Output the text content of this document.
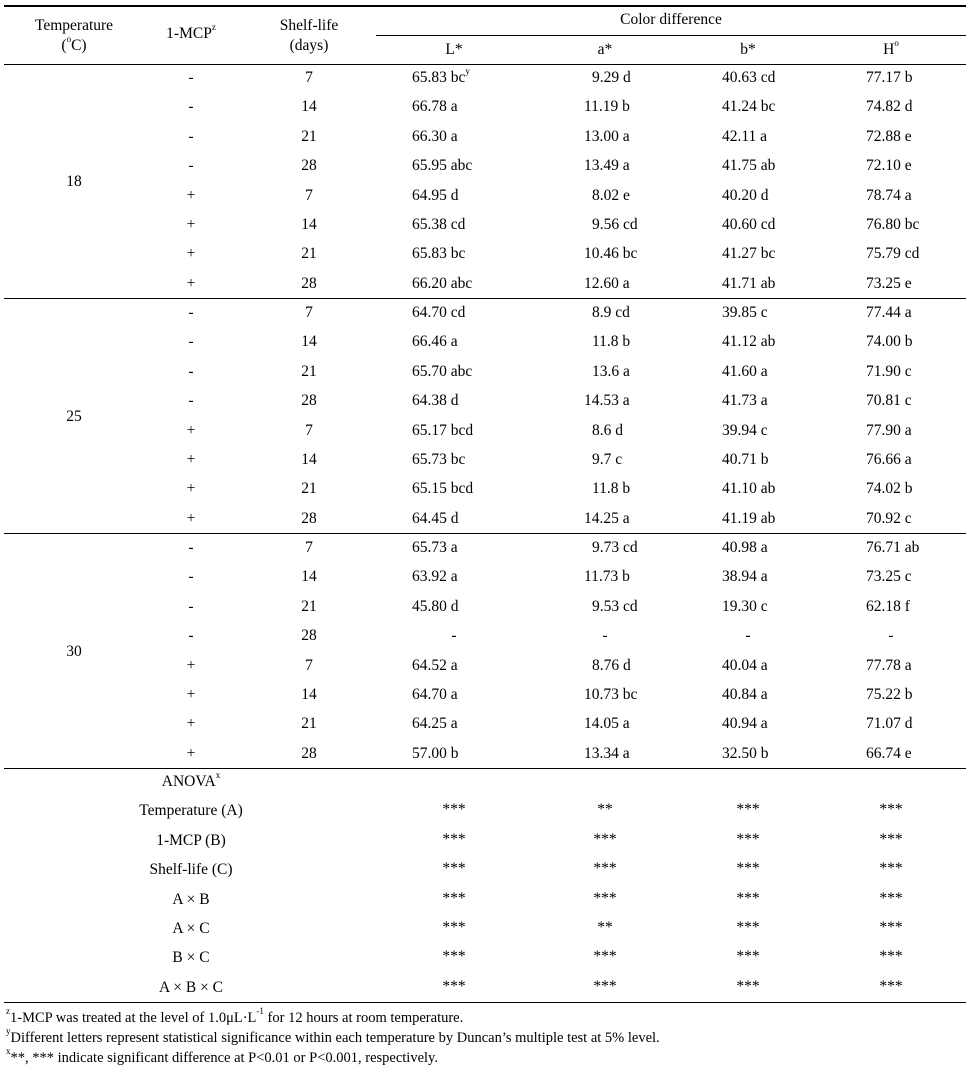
Temperature
($^o$C)
1-MCP$^z$	Shelf-life
(days)
Color difference
L*	a*	b*	$H^o$
18
-	7	65.83 $bc^y$	9.29 d	40.63 cd	77.17 b
-	14	66.78 a	11.19 b	41.24 bc	74.82 d
-	21	66.30 a	13.00 a	42.11 a	72.88 e
-	28	65.95 abc	13.49 a	41.75 ab	72.10 e
+	7	64.95 d	8.02 e	40.20 d	78.74 a
+	14	65.38 cd	9.56 cd	40.60 cd	76.80 bc
+	21	65.83 bc	10.46 bc	41.27 bc	75.79 cd
+	28	66.20 abc	12.60 a	41.71 ab	73.25 e
25
-	7	64.70 cd	8.9 cd	39.85 c	77.44 a
-	14	66.46 a	11.8 b	41.12 ab	74.00 b
-	21	65.70 abc	13.6 a	41.60 a	71.90 c
-	28	64.38 d	14.53 a	41.73 a	70.81 c
+	7	65.17 bcd	8.6 d	39.94 c	77.90 a
+	14	65.73 bc	9.7 c	40.71 b	76.66 a
+	21	65.15 bcd	11.8 b	41.10 ab	74.02 b
+	28	64.45 d	14.25 a	41.19 ab	70.92 c
30
-	7	65.73 a	9.73 cd	40.98 a	76.71 ab
-	14	63.92 a	11.73 b	38.94 a	73.25 c
-	21	45.80 d	9.53 cd	19.30 c	62.18 f
-	28	-	-	-	-
+	7	64.52 a	8.76 d	40.04 a	77.78 a
+	14	64.70 a	10.73 bc	40.84 a	75.22 b
+	21	64.25 a	14.05 a	40.94 a	71.07 d
+	28	57.00 b	13.34 a	32.50 b	66.74 e
ANOVA$^x$
Temperature (A)	***	**	***	***
1-MCP (B)	***	***	***	***
Shelf-life (C)	***	***	***	***
A × B	***	***	***	***
A × C	***	**	***	***
B × C	***	***	***	***
A × B × C	***	***	***	***
$^z$1-MCP was treated at the level of $1.0\mu L\cdot L^{-1}$ for 12 hours at room temperature.
$^y$Different letters represent statistical significance within each temperature by Duncan’s multiple test at 5% level.
$^x$**, *** indicate significant difference at P<0.01 or P<0.001, respectively.
